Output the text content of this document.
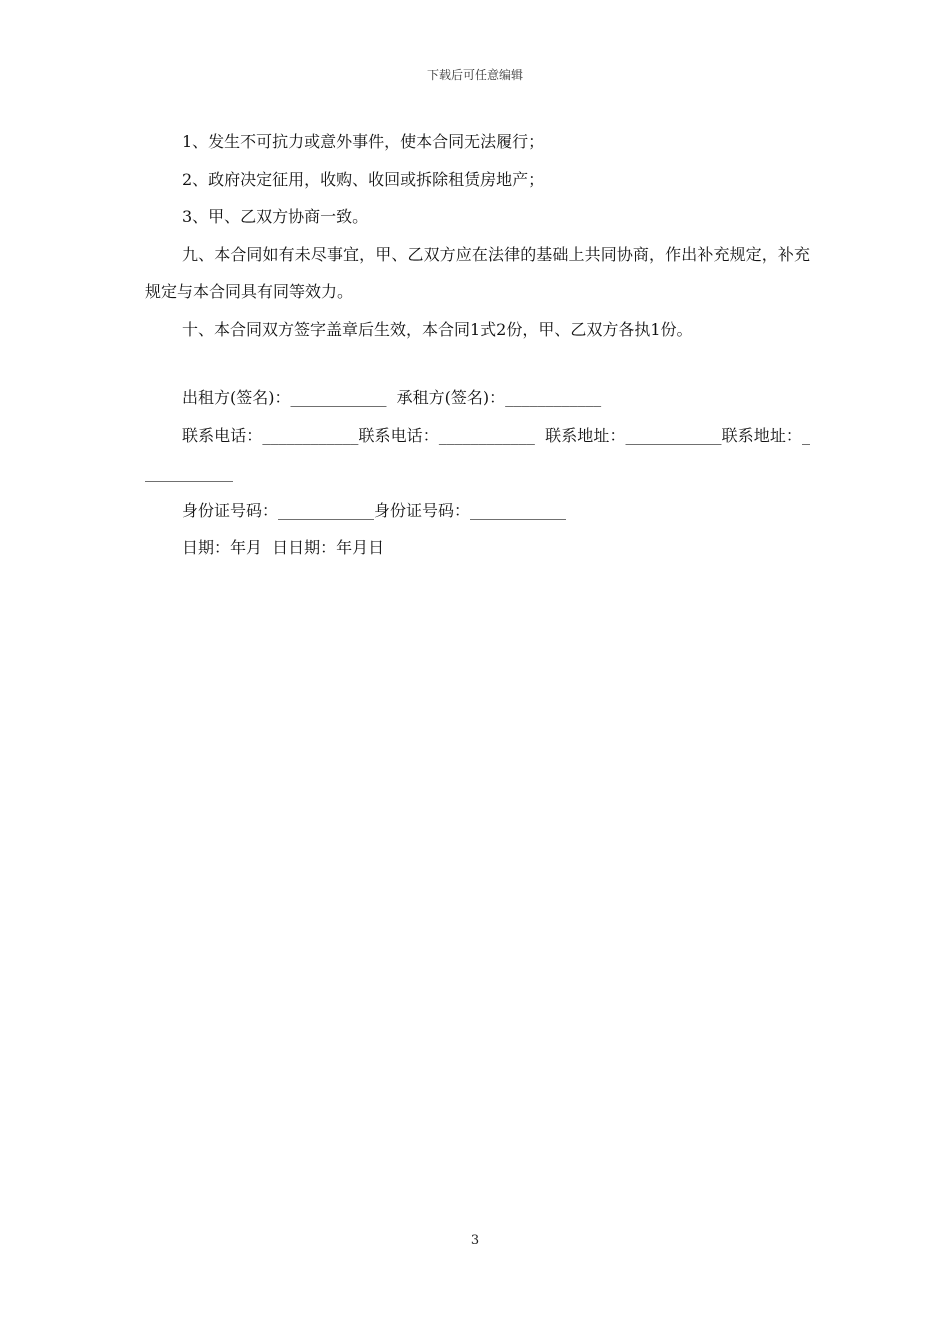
下载后可任意编辑

1、发生不可抗力或意外事件，使本合同无法履行；

2、政府决定征用，收购、收回或拆除租赁房地产；

3、甲、乙双方协商一致。

九、本合同如有未尽事宜，甲、乙双方应在法律的基础上共同协商，作出补充规定，补充规定与本合同具有同等效力。

十、本合同双方签字盖章后生效，本合同1式2份，甲、乙双方各执1份。

出租方(签名)：____________  承租方(签名)：____________

联系电话：____________联系电话：____________  联系地址：____________联系地址：____________

身份证号码：____________身份证号码：____________

日期：年月  日日期：年月日

3
